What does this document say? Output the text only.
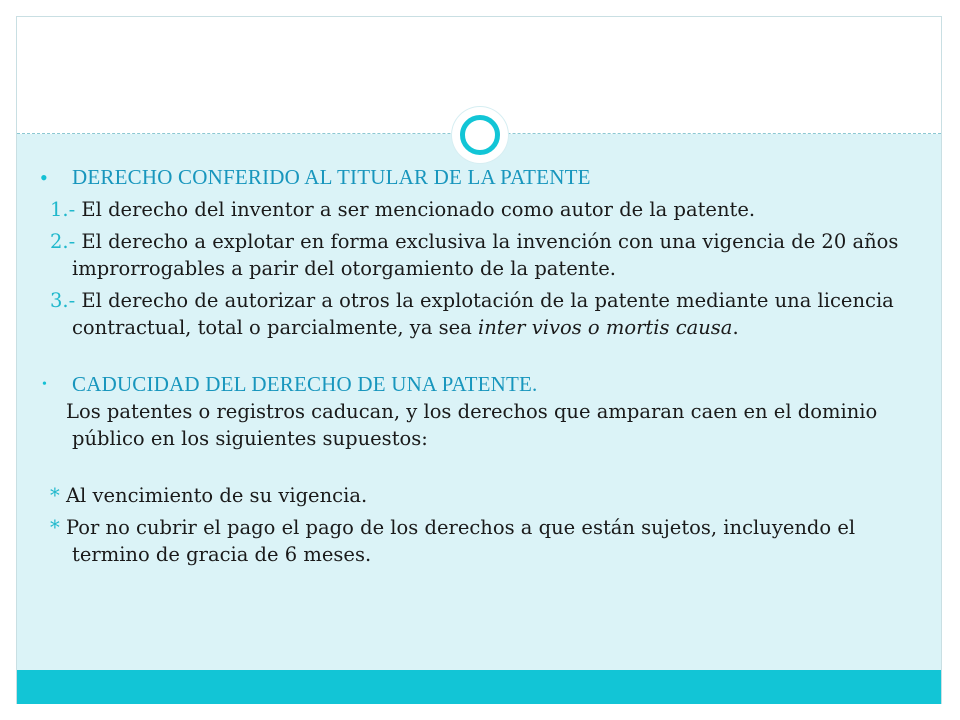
• DERECHO CONFERIDO AL TITULAR DE LA PATENTE
1.- El derecho del inventor a ser mencionado como autor de la patente.
2.- El derecho a explotar en forma exclusiva la invención con una vigencia de 20 años improrrogables a parir del otorgamiento de la patente.
3.- El derecho de autorizar a otros la explotación de la patente mediante una licencia contractual, total o parcialmente, ya sea inter vivos o mortis causa.
• CADUCIDAD DEL DERECHO DE UNA PATENTE.
Los patentes o registros caducan, y los derechos que amparan caen en el dominio público en los siguientes supuestos:
* Al vencimiento de su vigencia.
* Por no cubrir el pago el pago de los derechos a que están sujetos, incluyendo el termino de gracia de 6 meses.
